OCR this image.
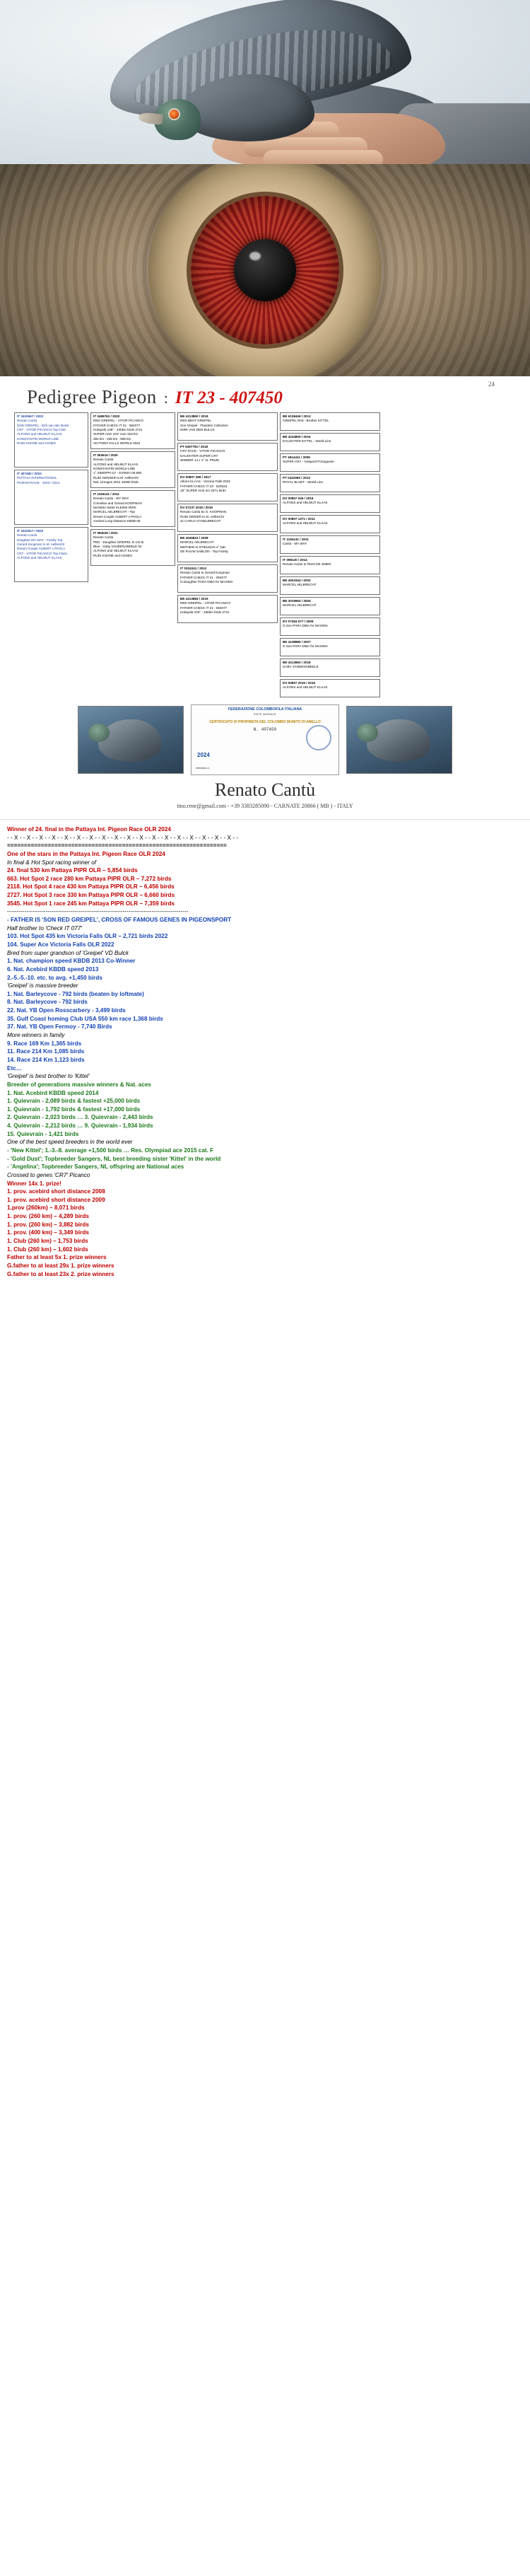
24
Pedigree Pigeon : IT 23 - 407450
IT 1522567 / 2022
Renato Cantù
SON GREIPEL - Dirk van den Bulck
CR7 - VITOR PICANCO Top Club
ALFONS and HELMUT KLAAS
KONSTANTIN WORLD LINE
RUDI KOHNE and AGNES
IT 407450 / 2023
PATTAYA INTERNATIONAL
PIGEON RACE · 2023 / 2024
IT 1522517 / 2022
Renato Cantù
Daughter MY WAY - Family Top
Gerard Koopman to M. Aelbrecht
Dream Couple ALBERT x PAOLA
CR7 - VITOR PICANCO Top Class
ALFONS and HELMUT KLAAS
IT 0486762 / 2020
RED GREIPEL - VITOR PICANCO
FATHER CHECK IT 21 - 084077
Hotspot5 105" - 430km birds 2721
SUPER ACE 104" sum 318 km
382 km - 435 km - 596 km
VICTORIA FALLS WORLD 2022
IT 063615 / 2020
Renato Cantù
ALFONS and HELMUT KLAAS
KONSTANTIN WORLD LINE
1° SIMOPPI G7 - DV0507.06.880
RUDI GENSER to M. Aelbrecht
Nat. Limoges 2014 18360 birds
IT 1194141 / 2011
Renato Cantù - MY WAY
Cornelius and Gerard KOOPMAN
MAXIMA Sister KLEINE DIRK
MARCEL AELBRECHT - Top
Dream Couple ALBERT x PAOLA
Axelord Long Distance KBDB 05
IT 084025 / 2021
Renato Cantù
PED - Daughter GREIPEL D.V.D.B.
Blue - Gaby VANDENABEELE for
ALFONS and HELMUT KLAAS
RUDI KOHNE and AGNES
BE 4213860 / 2018
RED BEST GREIPEL
Son Greipel - Flanders Collection
DIRK VAN DEN BULCK
PT 5367792 / 2018
CR7 RACE - VITOR PICANCO
DAUGHTER SUPER CR7
WINNER 14 x 1° st. PRIZE
DV 00807 286 / 2017
Alfons KLAAS - Victoria Falls 2023
FATHER CHECK IT 23 - 522523
18° SUPER ACE sm 2271 birds
DV 07237 2015 / 2015
Renato Cantù 5x G. KOOPMAN
RUDI DENIER to M. Aelbrecht
2x CARLO GYSELBRECHT
BE 4046823 / 2008
MARCEL AELBRECHT
NEPHEW to STIELMAN 4° Nat.
DE RAUW SABLON - Top Family
IT 0324241 / 2012
Renato Cantù to Gerard Koopman
FATHER CHECK IT 21 - 094077
G.Daughter PARA DIBA for MAXIMA
BE 4213884 / 2019
RED GREIPEL - VITOR PICANCO
FATHER CHECK IT 21 - 084077
Hotspot6 103" - 456km birds 2721
BE 6138449 / 2013
GREIPEL Red - Brother KITTEL
BE 4234809 / 2016
DAUGHTER KITTEL - World Line
PT 4614411 / 2009
SUPER CR7 - Gaspard Portuguese
PT 0422960 / 2012
ROYAL BLUET - World Line
DV 00807 046 / 2016
ALFONS and HELMUT KLAAS
DV 00807 1371 / 2011
ALFONS and HELMUT KLAAS
IT 1194141 / 2011
Cantù - MY WAY
IT 098120 / 2014
Renato Cantù to RUDI DE SMER
BE 4003344 / 2002
MARCEL AELBRECHT
BE 4019964 / 2004
MARCEL AELBRECHT
DV 07364 677 / 2009
G.Son PARA DIBA for MAXIMA
BE 4138885 / 2007
G.Son PARA DIBA for MAXIMA
BE 4213860 / 2018
GABY VANDENABEELE
DV 00807 2015 / 2015
ALFONS and HELMUT KLAAS
FEDERAZIONE COLOMBOFILA ITALIANA
ENTE MORALE
CERTIFICATO DI PROPRIETA DEL COLOMBO MUNITO DI ANELLO
N. 407450
2024
intestato a:
Renato Cantù
tino.rene@gmail.com - +39 3383285090 - CARNATE 20866 ( MB ) - ITALY
Winner of 24. final in the Pattaya Int. Pigeon Race OLR 2024
- - X - - X - - X - - X - - X - - X - - X - - X - - X - - X - - X - - X - - X - - X - - X - - X - - X - - X - -
=================================================================
One of the stars in the Pattaya Int. Pigeon Race OLR 2024
In final & Hot Spot racing winner of
24. final 530 km Pattaya PIPR OLR – 5,854 birds
663. Hot Spot 2 race 280 km Pattaya PIPR OLR – 7,272 birds
2118. Hot Spot 4 race 430 km Pattaya PIPR OLR – 6,456 birds
2727. Hot Spot 3 race 330 km Pattaya PIPR OLR – 6,660 birds
3545. Hot Spot 1 race 245 km Pattaya PIPR OLR – 7,359 birds
----------------------------------------------------------------------------------------------
- FATHER IS 'SON RED GREIPEL', CROSS OF FAMOUS GENES IN PIGEONSPORT
Half brother to 'Check IT 077'
103. Hot Spot 435 km Victoria Falls OLR – 2,721 birds 2022
104. Super Ace Victoria Falls OLR 2022
Bred from super grandson of 'Greipel' VD Bulck
1. Nat. champion speed KBDB 2013 Co-Winner
6. Nat. Acebird KBDB speed 2013
2.-5.-5.-10. etc. to avg. +1,450 birds
'Greipel' is massive breeder
1. Nat. Barleycove - 792 birds (beaten by loftmate)
8. Nat. Barleycove - 792 birds
22. Nat. YB Open Rosscarbery - 3,499 birds
35. Gulf Coast homing Club USA 550 km race 1,368 birds
37. Nat. YB Open Fermoy - 7,740 Birds
More winners in family
9. Race 169 Km 1,365 birds
11. Race 214 Km 1,085 birds
14. Race 214 Km 1,123 birds
Etc…
'Greipel' is best brother to 'Kittel'
Breeder of generations massive winners & Nat. aces
1. Nat. Acebird KBDB speed 2014
1. Quievrain - 2,089 birds & fastest +25,000 birds
1. Quievrain - 1,792 birds & fastest +17,000 birds
2. Quievrain - 2,023 birds … 3. Quievrain - 2,443 birds
4. Quievrain - 2,212 birds … 9. Quievrain - 1,934 birds
15. Quievrain - 1,421 birds
One of the best speed breeders in the world ever
- 'New Kittel'; 1.-3.-8. average +1,500 birds … Res. Olympiad ace 2015 cat. F
- 'Gold Dust'; Topbreeder Sangers, NL best breeding sister 'Kittel' in the world
- 'Angelina'; Topbreeder Sangers, NL offspring are National aces
Crossed to genes 'CR7' Picanco
Winner 14x 1. prize!
1. prov. acebird short distance 2008
1. prov. acebird short distance 2009
1.prov (260km) – 8,071 birds
1. prov. (260 km) – 4,289 birds
1. prov. (260 km) – 3,882 birds
1. prov. (400 km) – 3,349 birds
1. Club (260 km) – 1,753 birds
1. Club (260 km) – 1,602 birds
Father to at least 5x 1. prize winners
G.father to at least 29x 1. prize winners
G.father to at least 23x 2. prize winners
